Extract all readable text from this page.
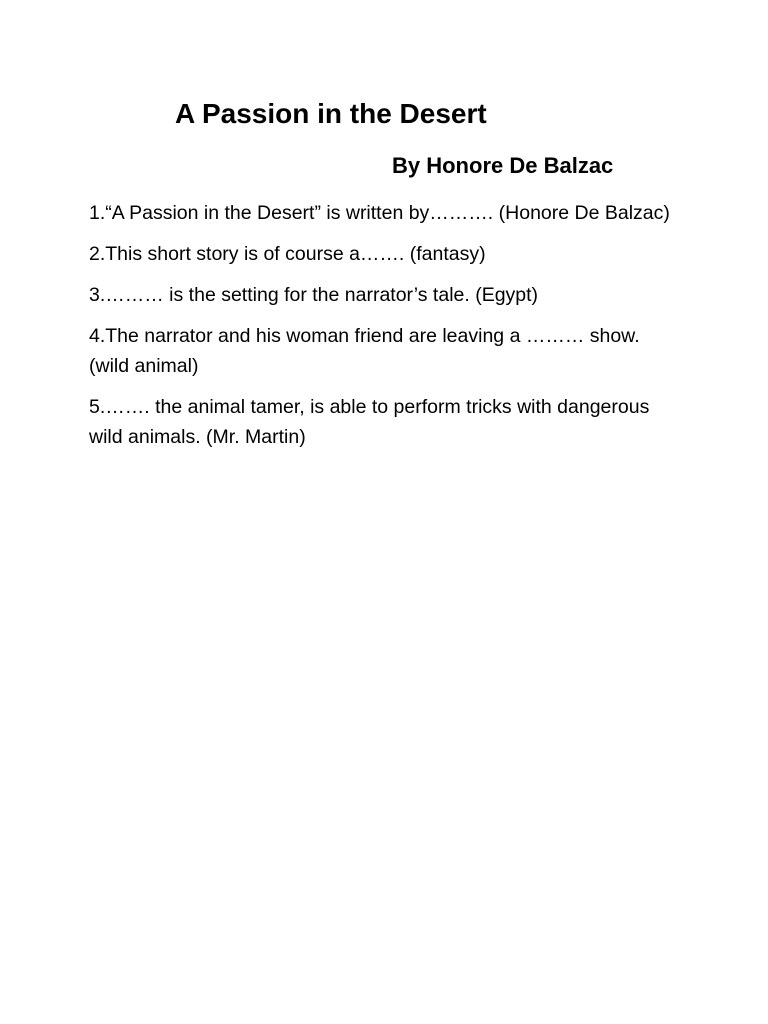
A Passion in the Desert
By Honore De Balzac
1.“A Passion in the Desert” is written by………. (Honore De Balzac)
2.This short story is of course a……. (fantasy)
3.……… is the setting for the narrator’s tale. (Egypt)
4.The narrator and his woman friend are leaving a ……… show. (wild animal)
5.……. the animal tamer, is able to perform tricks with dangerous wild animals. (Mr. Martin)
